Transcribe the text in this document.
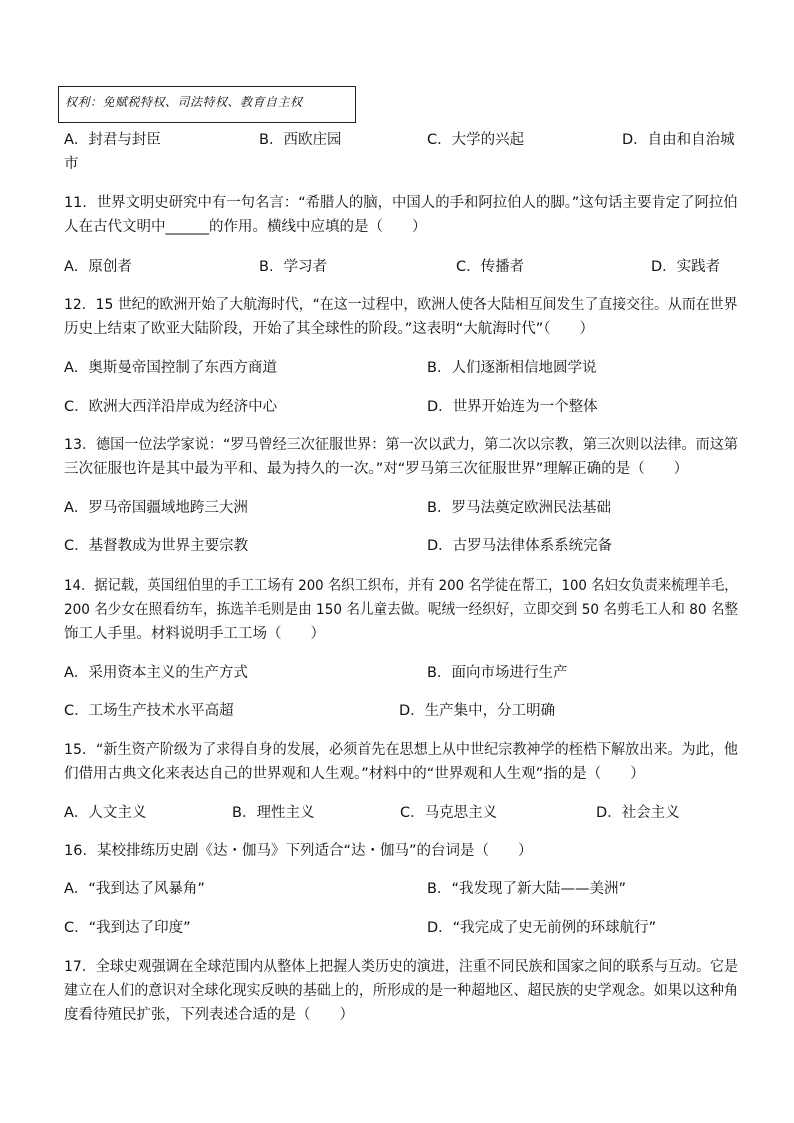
权利：免赋税特权、司法特权、教育自主权
A．封君与封臣	B．西欧庄园	C．大学的兴起	D．自由和自治城
市
11．世界文明史研究中有一句名言：“希腊人的脑，中国人的手和阿拉伯人的脚。”这句话主要肯定了阿拉伯
人在古代文明中______的作用。横线中应填的是（　　）
A．原创者	B．学习者	C．传播者	D．实践者
12．15 世纪的欧洲开始了大航海时代，“在这一过程中，欧洲人使各大陆相互间发生了直接交往。从而在世界
历史上结束了欧亚大陆阶段，开始了其全球性的阶段。”这表明“大航海时代”（　　）
A．奥斯曼帝国控制了东西方商道	B．人们逐渐相信地圆学说
C．欧洲大西洋沿岸成为经济中心	D．世界开始连为一个整体
13．德国一位法学家说：“罗马曾经三次征服世界：第一次以武力，第二次以宗教，第三次则以法律。而这第
三次征服也许是其中最为平和、最为持久的一次。”对“罗马第三次征服世界”理解正确的是（　　）
A．罗马帝国疆域地跨三大洲	B．罗马法奠定欧洲民法基础
C．基督教成为世界主要宗教	D．古罗马法律体系系统完备
14．据记载，英国纽伯里的手工工场有 200 名织工织布，并有 200 名学徒在帮工，100 名妇女负责来梳理羊毛，
200 名少女在照看纺车，拣选羊毛则是由 150 名儿童去做。呢绒一经织好，立即交到 50 名剪毛工人和 80 名整
饰工人手里。材料说明手工工场（　　）
A．采用资本主义的生产方式	B．面向市场进行生产
C．工场生产技术水平高超	D．生产集中，分工明确
15．“新生资产阶级为了求得自身的发展，必须首先在思想上从中世纪宗教神学的桎梏下解放出来。为此，他
们借用古典文化来表达自己的世界观和人生观。”材料中的“世界观和人生观”指的是（　　）
A．人文主义	B．理性主义	C．马克思主义	D．社会主义
16．某校排练历史剧《达・伽马》下列适合“达・伽马”的台词是（　　）
A．“我到达了风暴角”	B．“我发现了新大陆——美洲”
C．“我到达了印度”	D．“我完成了史无前例的环球航行”
17．全球史观强调在全球范围内从整体上把握人类历史的演进，注重不同民族和国家之间的联系与互动。它是
建立在人们的意识对全球化现实反映的基础上的，所形成的是一种超地区、超民族的史学观念。如果以这种角
度看待殖民扩张，下列表述合适的是（　　）
